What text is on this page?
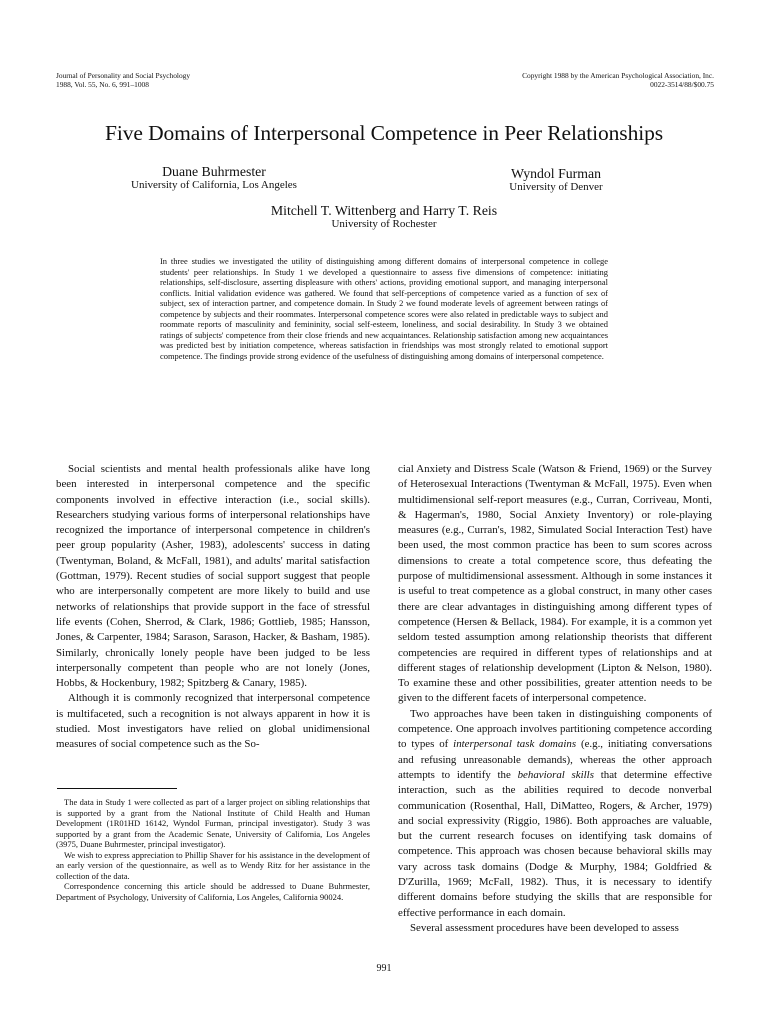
Journal of Personality and Social Psychology
1988, Vol. 55, No. 6, 991–1008
Copyright 1988 by the American Psychological Association, Inc.
0022-3514/88/$00.75
Five Domains of Interpersonal Competence in Peer Relationships
Duane Buhrmester
University of California, Los Angeles
Wyndol Furman
University of Denver
Mitchell T. Wittenberg and Harry T. Reis
University of Rochester
In three studies we investigated the utility of distinguishing among different domains of interpersonal competence in college students' peer relationships. In Study 1 we developed a questionnaire to assess five dimensions of competence: initiating relationships, self-disclosure, asserting displeasure with others' actions, providing emotional support, and managing interpersonal conflicts. Initial validation evidence was gathered. We found that self-perceptions of competence varied as a function of sex of subject, sex of interaction partner, and competence domain. In Study 2 we found moderate levels of agreement between ratings of competence by subjects and their roommates. Interpersonal competence scores were also related in predictable ways to subject and roommate reports of masculinity and femininity, social self-esteem, loneliness, and social desirability. In Study 3 we obtained ratings of subjects' competence from their close friends and new acquaintances. Relationship satisfaction among new acquaintances was predicted best by initiation competence, whereas satisfaction in friendships was most strongly related to emotional support competence. The findings provide strong evidence of the usefulness of distinguishing among domains of interpersonal competence.

Social scientists and mental health professionals alike have long been interested in interpersonal competence and the specific components involved in effective interaction (i.e., social skills). Researchers studying various forms of interpersonal relationships have recognized the importance of interpersonal competence in children's peer group popularity (Asher, 1983), adolescents' success in dating (Twentyman, Boland, & McFall, 1981), and adults' marital satisfaction (Gottman, 1979). Recent studies of social support suggest that people who are interpersonally competent are more likely to build and use networks of relationships that provide support in the face of stressful life events (Cohen, Sherrod, & Clark, 1986; Gottlieb, 1985; Hansson, Jones, & Carpenter, 1984; Sarason, Sarason, Hacker, & Basham, 1985). Similarly, chronically lonely people have been judged to be less interpersonally competent than people who are not lonely (Jones, Hobbs, & Hockenbury, 1982; Spitzberg & Canary, 1985).

Although it is commonly recognized that interpersonal competence is multifaceted, such a recognition is not always apparent in how it is studied. Most investigators have relied on global unidimensional measures of social competence such as the So-

cial Anxiety and Distress Scale (Watson & Friend, 1969) or the Survey of Heterosexual Interactions (Twentyman & McFall, 1975). Even when multidimensional self-report measures (e.g., Curran, Corriveau, Monti, & Hagerman's, 1980, Social Anxiety Inventory) or role-playing measures (e.g., Curran's, 1982, Simulated Social Interaction Test) have been used, the most common practice has been to sum scores across dimensions to create a total competence score, thus defeating the purpose of multidimensional assessment. Although in some instances it is useful to treat competence as a global construct, in many other cases there are clear advantages in distinguishing among different types of competence (Hersen & Bellack, 1984). For example, it is a common yet seldom tested assumption among relationship theorists that different competencies are required in different types of relationships and at different stages of relationship development (Lipton & Nelson, 1980). To examine these and other possibilities, greater attention needs to be given to the different facets of interpersonal competence.

Two approaches have been taken in distinguishing components of competence. One approach involves partitioning competence according to types of interpersonal task domains (e.g., initiating conversations and refusing unreasonable demands), whereas the other approach attempts to identify the behavioral skills that determine effective interaction, such as the abilities required to decode nonverbal communication (Rosenthal, Hall, DiMatteo, Rogers, & Archer, 1979) and social expressivity (Riggio, 1986). Both approaches are valuable, but the current research focuses on identifying task domains of competence. This approach was chosen because behavioral skills may vary across task domains (Dodge & Murphy, 1984; Goldfried & D'Zurilla, 1969; McFall, 1982). Thus, it is necessary to identify different domains before studying the skills that are responsible for effective performance in each domain.

Several assessment procedures have been developed to assess

The data in Study 1 were collected as part of a larger project on sibling relationships that is supported by a grant from the National Institute of Child Health and Human Development (1R01HD 16142, Wyndol Furman, principal investigator). Study 3 was supported by a grant from the Academic Senate, University of California, Los Angeles (3975, Duane Buhrmester, principal investigator).

We wish to express appreciation to Phillip Shaver for his assistance in the development of an early version of the questionnaire, as well as to Wendy Ritz for her assistance in the collection of the data.

Correspondence concerning this article should be addressed to Duane Buhrmester, Department of Psychology, University of California, Los Angeles, California 90024.

991
